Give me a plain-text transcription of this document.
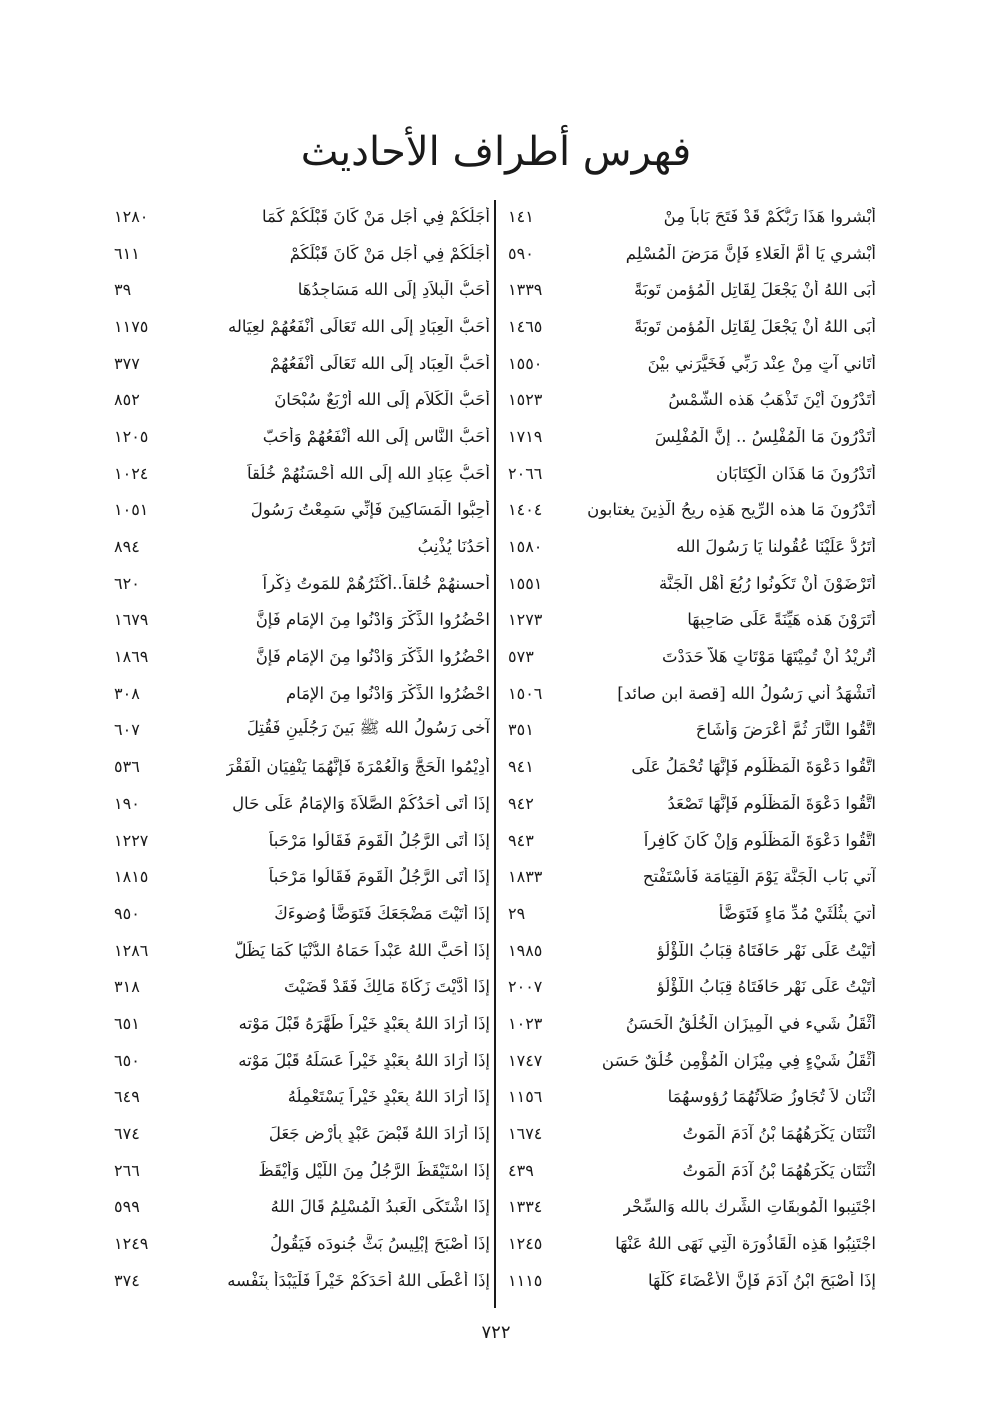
فهرس أطراف الأحاديث
أَبْشروا هَذَا رَبُّكُمْ قَدْ فَتَحَ بَاباً مِنْ
١٤١
أَبْشري يَا أُمَّ الْعَلاءِ فَإِنَّ مَرَضَ الْمُسْلِم
٥٩٠
أَبَى اللهُ أَنْ يَجْعَلَ لِقَاتِلِ الْمُؤمنِ تَوبَةً
١٣٣٩
أَبَى اللهُ أَنْ يَجْعَلَ لِقَاتِلِ الْمُؤمنِ تَوبَةً
١٤٦٥
أَتَاني آتٍ مِنْ عِنْد رَبِّي فَخَيَّرَني بيْنَ
١٥٥٠
أَتَدْرُونَ أَيْنَ تَذْهَبُ هَذه الشَّمْسُ
١٥٢٣
أَتَدْرُونَ مَا الْمُفْلِسُ .. إِنَّ الْمُفْلِسَ
١٧١٩
أَتَدْرُونَ مَا هَذَانِ الْكِتَابَانِ
٢٠٦٦
أَتَدْرُونَ مَا هذه الرِّيح هَذِه رِيحُ الَّذِينَ يغتابون
١٤٠٤
أَتَرُدُّ عَلَيْنَا عُقُولنا يَا رَسُولَ الله
١٥٨٠
أَتَرْضَوْنَ أَنْ تَكُونُوا رُبُعَ أَهْلِ الْجَنَّة
١٥٥١
أَتَرَوْنَ هَذه هَيِّنَةً عَلَى صَاحِبِهَا
١٢٧٣
أَتُرِيْدُ أَنْ تُمِيْتَهَا مَوْتَاتٍ هَلاَّ حَدَدْتَ
٥٧٣
أَتَشْهَدُ أَني رَسُولُ الله [قصة ابن صائد]
١٥٠٦
اتَّقُوا النَّارَ ثُمَّ أَعْرَضَ وَأَشَاحَ
٣٥١
اتَّقُوا دَعْوَةَ الْمَظْلُوم فَإِنَّهَا تُحْمَلُ عَلَى
٩٤١
اتَّقُوا دَعْوَةَ الْمَظْلُوم فَإِنَّهَا تَصْعَدُ
٩٤٢
اتَّقُوا دَعْوَةَ الْمَظْلُوم وَإِنْ كَانَ كَافِراً
٩٤٣
آتي بَاب الْجَنَّة يَوْمَ الْقِيَامَة فَأَسْتَفْتح
١٨٣٣
أُتيَ بِثُلُثَيْ مُدِّ مَاءٍ فَتَوَضَّأَ
٢٩
أَتَيْتُ عَلَى نَهْرٍ حَافَتَاهُ قِبَابُ اللُّؤْلُؤ
١٩٨٥
أَتَيْتُ عَلَى نَهْرٍ حَافَتَاهُ قِبَابُ اللُّؤْلُؤ
٢٠٠٧
أَثْقَلُ شَيء في الْمِيزَان الْخُلُقُ الْحَسَنُ
١٠٢٣
أَثْقَلُ شَيْءٍ فِي مِيْزَانِ الْمُؤْمِنِ خُلُقٌ حَسَن
١٧٤٧
اثْنَانِ لاَ تُجَاوِزُ صَلاَتُهُمَا رُؤوسهُمَا
١١٥٦
اثْنَتَانِ يَكْرَهُهُمَا بْنُ آدَمَ الْمَوتُ
١٦٧٤
اثْنَتَانِ يَكْرَهُهُمَا بْنُ آدَمَ الْمَوتُ
٤٣٩
اجْتَنِبوا الْمُوبِقَاتِ الشِّرك بالله وَالسِّحْر
١٣٣٤
اجْتَنِبُوا هَذِه الْقَاذُورَة الَّتِي نَهَى اللهُ عَنْهَا
١٢٤٥
إِذَا أَصْبَحَ ابْنُ آدَمَ فَإِنَّ الأَعْضَاءَ كُلَّهَا
١١١٥
أَجَلُكُمْ فِي أَجَلِ مَنْ كَانَ قَبْلَكُمْ كَمَا
١٢٨٠
أَجَلُكُمْ فِي أَجَلِ مَنْ كَانَ قَبْلَكُمْ
٦١١
أَحَبُّ الْبِلاَدِ إِلَى الله مَسَاجِدُهَا
٣٩
أَحَبُّ الْعِبَادِ إِلَى الله تَعَالَى أَنْفَعُهُمْ لعِيَاله
١١٧٥
أَحَبُّ الْعِبَاد إِلَى الله تَعَالَى أَنْفَعُهُمْ
٣٧٧
أَحَبُّ الْكَلاَمِ إِلَى الله أَرْبَعٌ سُبْحَانَ
٨٥٢
أَحَبُّ النَّاسِ إِلَى الله أَنْفَعُهُمْ وَأَحَبّ
١٢٠٥
أَحَبُّ عِبَادِ الله إِلَى الله أَحْسَنُهُمْ خُلُقاً
١٠٢٤
أَحِبُّوا الْمَسَاكِينَ فَإِنِّي سَمِعْتُ رَسُولَ
١٠٥١
أَحَدُنَا يُذْنِبُ
٨٩٤
أَحسنهُمْ خُلقاً..أَكْثَرُهُمْ للمَوتُ ذِكْراً
٦٢٠
احْضُرُوا الذِّكْرَ وَادْنُوا مِنَ الإِمَامِ فَإِنَّ
١٦٧٩
احْضُرُوا الذِّكْرَ وَادْنُوا مِنَ الإِمَامِ فَإِنَّ
١٨٦٩
احْضُرُوا الذِّكْرَ وَادْنُوا مِنَ الإِمَامِ
٣٠٨
آخى رَسُولُ الله ﷺ بَينَ رَجُلَينِ فَقُتِلَ
٦٠٧
أَدِيْمُوا الْحَجَّ وَالْعُمْرَةَ فَإِنَّهُمَا يَنْفِيَانِ الْفَقْرَ
٥٣٦
إِذَا أَتَى أَحَدُكُمْ الصَّلاَةَ وَالإِمَامُ عَلَى حَالٍ
١٩٠
إِذَا أَتَى الرَّجُلُ الْقَومَ فَقَالُوا مَرْحَباً
١٢٢٧
إِذَا أَتَى الرَّجُلُ الْقَومَ فَقَالُوا مَرْحَباً
١٨١٥
إِذَا أَتَيْتَ مَضْجَعَكَ فَتَوَضَّأْ وُضوءَكَ
٩٥٠
إِذَا أَحَبَّ اللهُ عَبْداً حَمَاهُ الدُّنْيَا كَمَا يَظَلُّ
١٢٨٦
إِذَا أَدَّيْتَ زَكَاةَ مَالِكَ فَقَدْ قَضَيْتَ
٣١٨
إِذَا أَرَادَ اللهُ بِعَبْدٍ خَيْراً طَهَّرَهُ قَبْلَ مَوْته
٦٥١
إِذَا أَرَادَ اللهُ بِعَبْدٍ خَيْراً عَسَلَهُ قَبْلَ مَوْته
٦٥٠
إِذَا أَرَادَ اللهُ بِعَبْدٍ خَيْراً يَسْتَعْمِلُهُ
٦٤٩
إِذَا أَرَادَ اللهُ قَبْضَ عَبْدٍ بِأَرْضٍ جَعَلَ
٦٧٤
إِذَا اسْتَيْقَظَ الرَّجُلُ مِنَ اللَّيْلِ وَأَيْقَظَ
٢٦٦
إِذَا اشْتَكَى الْعَبدُ الْمُسْلِمُ قَالَ اللهُ
٥٩٩
إِذَا أَصْبَحَ إِبْلِيسُ بَثَّ جُنودَه فَيَقُولُ
١٢٤٩
إِذَا أَعْطَى اللهُ أَحَدَكُمْ خَيْراً فَلْيَبْدَأْ بِنَفْسه
٣٧٤
٧٢٢
